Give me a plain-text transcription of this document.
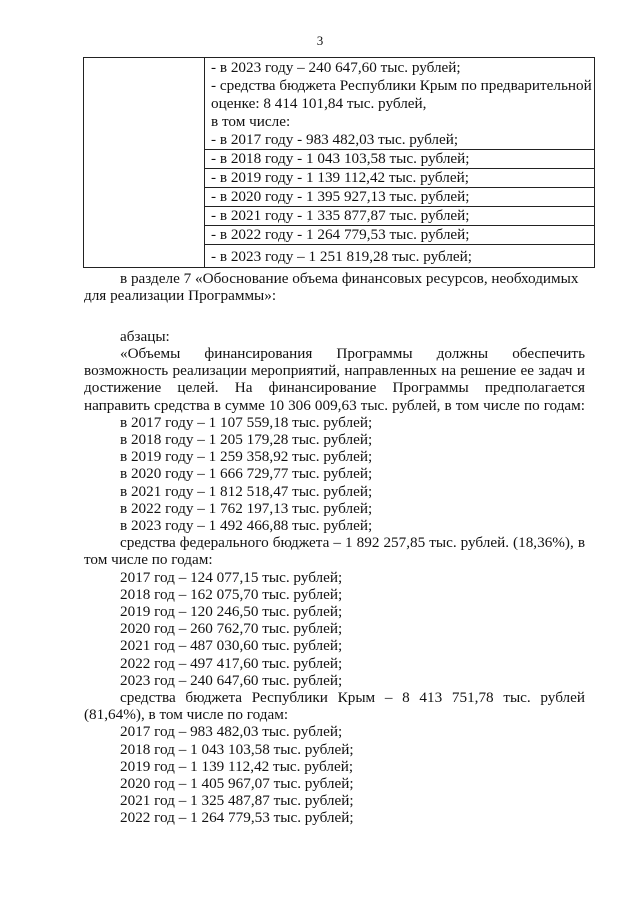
3

- в 2023 году – 240 647,60 тыс. рублей;
- средства бюджета Республики Крым по предварительной
оценке: 8 414 101,84 тыс. рублей,
в том числе:
- в 2017 году - 983 482,03 тыс. рублей;
- в 2018 году - 1 043 103,58 тыс. рублей;
- в 2019 году - 1 139 112,42 тыс. рублей;
- в 2020 году - 1 395 927,13 тыс. рублей;
- в 2021 году - 1 335 877,87 тыс. рублей;
- в 2022 году - 1 264 779,53 тыс. рублей;
- в 2023 году – 1 251 819,28 тыс. рублей;
в разделе 7 «Обоснование объема финансовых ресурсов, необходимых
для реализации Программы»:
абзацы:
«Объемы финансирования Программы должны обеспечить
возможность реализации мероприятий, направленных на решение ее задач и
достижение целей. На финансирование Программы предполагается
направить средства в сумме 10 306 009,63 тыс. рублей, в том числе по годам:
в 2017 году – 1 107 559,18 тыс. рублей;
в 2018 году – 1 205 179,28 тыс. рублей;
в 2019 году – 1 259 358,92 тыс. рублей;
в 2020 году – 1 666 729,77 тыс. рублей;
в 2021 году – 1 812 518,47 тыс. рублей;
в 2022 году – 1 762 197,13 тыс. рублей;
в 2023 году – 1 492 466,88 тыс. рублей;
средства федерального бюджета – 1 892 257,85 тыс. рублей. (18,36%), в
том числе по годам:
2017 год – 124 077,15 тыс. рублей;
2018 год – 162 075,70 тыс. рублей;
2019 год – 120 246,50 тыс. рублей;
2020 год – 260 762,70 тыс. рублей;
2021 год – 487 030,60 тыс. рублей;
2022 год – 497 417,60 тыс. рублей;
2023 год – 240 647,60 тыс. рублей;
средства бюджета Республики Крым – 8 413 751,78 тыс. рублей
(81,64%), в том числе по годам:
2017 год – 983 482,03 тыс. рублей;
2018 год – 1 043 103,58 тыс. рублей;
2019 год – 1 139 112,42 тыс. рублей;
2020 год – 1 405 967,07 тыс. рублей;
2021 год – 1 325 487,87 тыс. рублей;
2022 год – 1 264 779,53 тыс. рублей;
